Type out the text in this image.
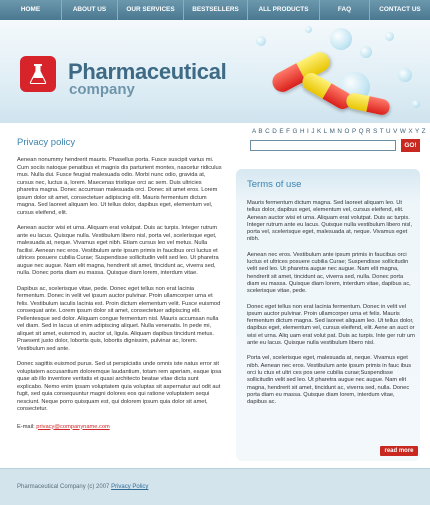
HOME	ABOUT US	OUR SERVICES	BESTSELLERS	ALL PRODUCTS	FAQ	CONTACT US
Pharmaceutical
company
A B C D E F G H I J K L M N O P Q R S T U V W X Y Z
GO!
Privacy policy

Aenean nonummy hendrerit mauris. Phasellus porta. Fusce suscipit varius mi. Cum sociis natoque penatibus et magnis dis parturient montes, nascetur ridiculus mus. Nulla dui. Fusce feugiat malesuada odio. Morbi nunc odio, gravida at, cursus nec, luctus a, lorem. Maecenas tristique orci ac sem. Duis ultricies pharetra magna. Donec accumsan malesuada orci. Donec sit amet eros. Lorem ipsum dolor sit amet, consectetuer adipiscing elit. Mauris fermentum dictum magna. Sed laoreet aliquam leo. Ut tellus dolor, dapibus eget, elementum vel, cursus eleifend, elit.

Aenean auctor wisi et urna. Aliquam erat volutpat. Duis ac turpis. Integer rutrum ante eu lacus. Quisque nulla. Vestibulum libero nisl, porta vel, scelerisque eget, malesuada at, neque. Vivamus eget nibh. Etiam cursus leo vel metus. Nulla facilisi. Aenean nec eros. Vestibulum ante ipsum primis in faucibus orci luctus et ultrices posuere cubilia Curae; Suspendisse sollicitudin velit sed leo. Ut pharetra augue nec augue. Nam elit magna, hendrerit sit amet, tincidunt ac, viverra sed, nulla. Donec porta diam eu massa. Quisque diam lorem, interdum vitae.

Dapibus ac, scelerisque vitae, pede. Donec eget tellus non erat lacinia fermentum. Donec in velit vel ipsum auctor pulvinar. Proin ullamcorper urna et felis. Vestibulum iaculis lacinia est. Proin dictum elementum velit. Fusce euismod consequat ante. Lorem ipsum dolor sit amet, consectetuer adipiscing elit. Pellentesque sed dolor. Aliquam congue fermentum nisl. Mauris accumsan nulla vel diam. Sed in lacus ut enim adipiscing aliquet. Nulla venenatis. In pede mi, aliquet sit amet, euismod in, auctor ut, ligula. Aliquam dapibus tincidunt metus. Praesent justo dolor, lobortis quis, lobortis dignissim, pulvinar ac, lorem. Vestibulum sed ante.

Donec sagittis euismod purus. Sed ut perspiciatis unde omnis iste natus error sit voluptatem accusantium doloremque laudantium, totam rem aperiam, eaque ipsa quae ab illo inventore veritatis et quasi architecto beatae vitae dicta sunt explicabo. Nemo enim ipsam voluptatem quia voluptas sit aspernatur aut odit aut fugit, sed quia consequuntur magni dolores eos qui ratione voluptatem sequi nesciunt. Neque porro quisquam est, qui dolorem ipsum quia dolor sit amet, consectetur.

E-mail: privacy@companyname.com

Terms of use

Mauris fermentum dictum magna. Sed laoreet aliquam leo. Ut tellus dolor, dapibus eget, elementum vel, cursus eleifend, elit. Aenean auctor wisi et urna. Aliquam erat volutpat. Duis ac turpis. Integer rutrum ante eu lacus. Quisque nulla vestibulum libero nisl, porta vel, scelerisque eget, malesuada at, neque. Vivamus eget nibh.

Aenean nec eros. Vestibulum ante ipsum primis in faucibus orci luctus et ultrices posuere cubilia Curae; Suspendisse sollicitudin velit sed leo. Ut pharetra augue nec augue. Nam elit magna, hendrerit sit amet, tincidunt ac, viverra sed, nulla. Donec porta diam eu massa. Quisque diam lorem, interdum vitae, dapibus ac, scelerisque vitae, pede.

Donec eget tellus non erat lacinia fermentum. Donec in velit vel ipsum auctor pulvinar. Proin ullamcorper urna et felis. Mauris fermentum dictum magna. Sed laoreet aliquam leo. Ut tellus dolor, dapibus eget, elementum vel, cursus eleifend, elit. Aene an auct or wisi et urna. Aliq uam erat volut pat. Duis ac turpis. Inte ger rutr um ante eu lacus. Quisque nulla vestibulum libero nisl.

Porta vel, scelerisque eget, malesuada at, neque. Vivamus eget nibh. Aenean nec eros. Vestibulum ante ipsum primis in fauc ibus orci lu ctus et ultri ces pos uere cubilia curae;Suspendisse sollicitudin velit sed leo. Ut pharetra augue nec augue. Nam elit magna, hendrerit sit amet, tincidunt ac, viverra sed, nulla. Donec porta diam eu massa. Quisque diam lorem, interdum vitae, dapibus ac.

read more
Pharmaceutical Company (c) 2007 Privacy Policy
